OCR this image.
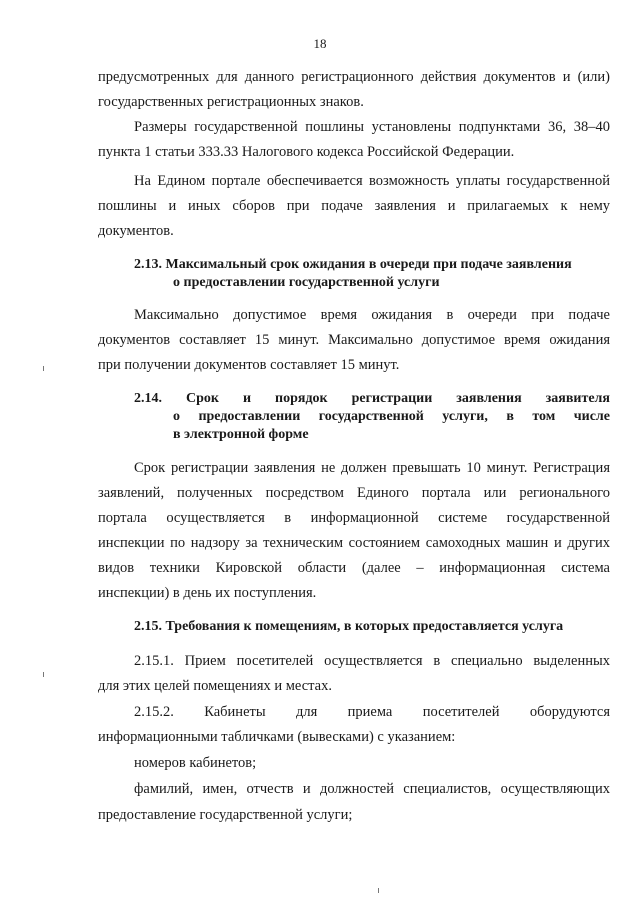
18
предусмотренных для данного регистрационного действия документов и (или)
государственных регистрационных знаков.
Размеры государственной пошлины установлены подпунктами 36, 38–40
пункта 1 статьи 333.33 Налогового кодекса Российской Федерации.
На Едином портале обеспечивается возможность уплаты государственной
пошлины и иных сборов при подаче заявления и прилагаемых к нему
документов.
2.13. Максимальный срок ожидания в очереди при подаче заявления
о предоставлении государственной услуги
Максимально допустимое время ожидания в очереди при подаче
документов составляет 15 минут. Максимально допустимое время ожидания
при получении документов составляет 15 минут.
2.14. Срок и порядок регистрации заявления заявителя
о предоставлении государственной услуги, в том числе
в электронной форме
Срок регистрации заявления не должен превышать 10 минут. Регистрация
заявлений, полученных посредством Единого портала или регионального
портала осуществляется в информационной системе государственной
инспекции по надзору за техническим состоянием самоходных машин и других
видов техники Кировской области (далее – информационная система
инспекции) в день их поступления.
2.15. Требования к помещениям, в которых предоставляется услуга
2.15.1. Прием посетителей осуществляется в специально выделенных
для этих целей помещениях и местах.
2.15.2. Кабинеты для приема посетителей оборудуются
информационными табличками (вывесками) с указанием:
номеров кабинетов;
фамилий, имен, отчеств и должностей специалистов, осуществляющих
предоставление государственной услуги;
